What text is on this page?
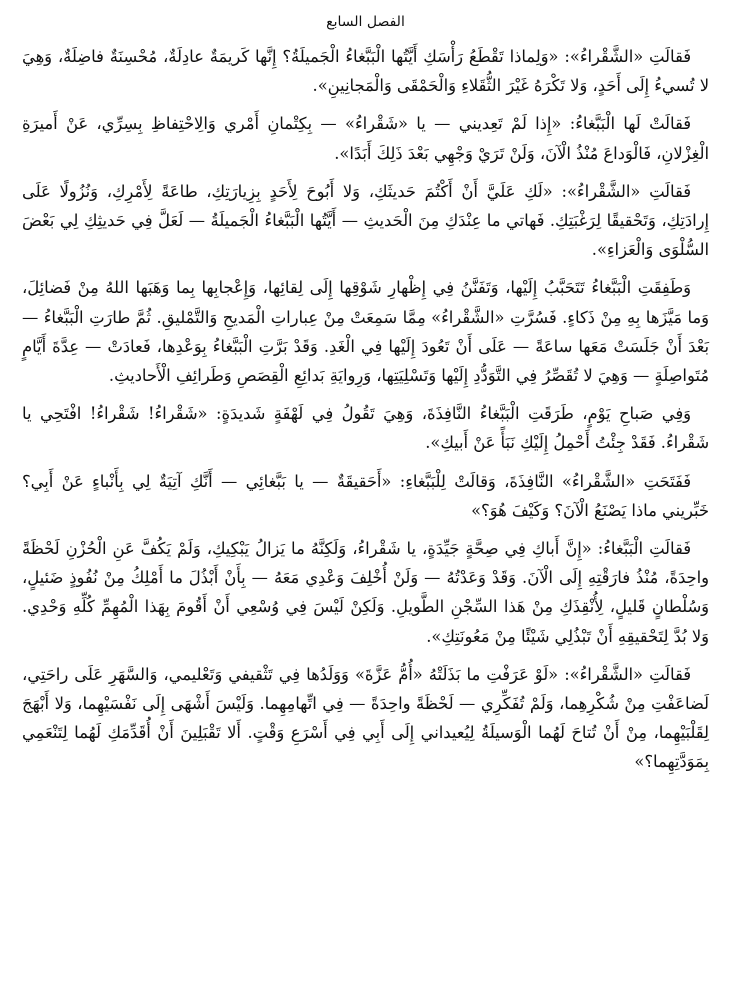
الفصل السابع

فَقالَتِ «الشَّقْراءُ»: «وَلِماذا تَقْطَعُ رَأْسَكِ أَيَّتُها الْبَبَّغاءُ الْجَميلَةُ؟ إِنَّها كَريمَةٌ عادِلَةٌ، مُحْسِنَةٌ فاضِلَةٌ، وَهِيَ لا تُسيءُ إِلَى أَحَدٍ، وَلا تَكْرَهُ غَيْرَ الثُّقَلاءِ وَالْحَمْقَى وَالْمَجانِينِ».

فَقالَتْ لَها الْبَبَّغاءُ: «إِذا لَمْ تَعِديني — يا «شَقْراءُ» — بِكِتْمانِ أَمْري وَالِاحْتِفاظِ بِسِرِّي، عَنْ أَميرَةِ الْغِزْلانِ، فَالْوَداعَ مُنْذُ الْآنَ، وَلَنْ تَرَيْ وَجْهِي بَعْدَ ذَلِكَ أَبَدًا».

فَقالَتِ «الشَّقْراءُ»: «لَكِ عَلَيَّ أَنْ أَكْتُمَ حَديثَكِ، وَلا أَبُوحَ لِأَحَدٍ بِزِيارَتِكِ، طاعَةً لِأَمْرِكِ، وَنُزُولًا عَلَى إِرادَتِكِ، وَتَحْقيقًا لِرَغْبَتِكِ. فَهاتي ما عِنْدَكِ مِنَ الْحَديثِ — أَيَّتُها الْبَبَّغاءُ الْجَميلَةُ — لَعَلَّ فِي حَديثِكِ لِي بَعْضَ السُّلْوَى وَالْعَزاءِ».

وَطَفِقَتِ الْبَبَّغاءُ تَتَحَبَّبُ إِلَيْها، وَتَفَنَّنُ فِي إِظْهارِ شَوْقِها إِلَى لِقائِها، وَإِعْجابِها بِما وَهَبَها اللهُ مِنْ فَضائِلَ، وَما مَيَّزَها بِهِ مِنْ ذَكاءٍ. فَسُرَّتِ «الشَّقْراءُ» مِمَّا سَمِعَتْ مِنْ عِباراتِ الْمَديحِ وَالتَّمْليقِ. ثُمَّ طارَتِ الْبَبَّغاءُ — بَعْدَ أَنْ جَلَسَتْ مَعَها ساعَةً — عَلَى أَنْ تَعُودَ إِلَيْها فِي الْغَدِ. وَقَدْ بَرَّتِ الْبَبَّغاءُ بِوَعْدِها، فَعادَتْ — عِدَّةَ أَيَّامٍ مُتَواصِلَةٍ — وَهِيَ لا تُقَصِّرُ فِي التَّوَدُّدِ إِلَيْها وَتَسْلِيَتِها، وَرِوايَةِ بَدائِعِ الْقِصَصِ وَطَرائِفِ الْأَحاديثِ.

وَفِي صَباحِ يَوْمٍ، طَرَقَتِ الْبَبَّغاءُ النَّافِذَةَ، وَهِيَ تَقُولُ فِي لَهْفَةٍ شَديدَةٍ: «شَقْراءُ! شَقْراءُ! افْتَحِي يا شَقْراءُ. فَقَدْ جِئْتُ أَحْمِلُ إِلَيْكِ نَبَأً عَنْ أَبيكِ».

فَفَتَحَتِ «الشَّقْراءُ» النَّافِذَةَ، وَقالَتْ لِلْبَبَّغاءِ: «أَحَقيقَةٌ — يا بَبَّغائِي — أَنَّكِ آتِيَةٌ لِي بِأَنْباءٍ عَنْ أَبِي؟ خَبِّريني ماذا يَصْنَعُ الْآنَ؟ وَكَيْفَ هُوَ؟»

فَقالَتِ الْبَبَّغاءُ: «إِنَّ أَباكِ فِي صِحَّةٍ جَيِّدَةٍ، يا شَقْراءُ، وَلَكِنَّهُ ما يَزالُ يَبْكِيكِ، وَلَمْ يَكُفَّ عَنِ الْحُزْنِ لَحْظَةً واحِدَةً، مُنْذُ فارَقْتِهِ إِلَى الْآنَ. وَقَدْ وَعَدْتُهُ — وَلَنْ أُخْلِفَ وَعْدِي مَعَهُ — بِأَنْ أَبْذُلَ ما أَمْلِكُ مِنْ نُفُوذٍ ضَئيلٍ، وَسُلْطانٍ قَليلٍ، لِأُنْقِذَكِ مِنْ هَذا السِّجْنِ الطَّويلِ. وَلَكِنْ لَيْسَ فِي وُسْعِي أَنْ أَقُومَ بِهَذا الْمُهِمِّ كُلِّهِ وَحْدِي. وَلا بُدَّ لِتَحْقيقِهِ أَنْ تَبْذُلِي شَيْئًا مِنْ مَعُونَتِكِ».

فَقالَتِ «الشَّقْراءُ»: «لَوْ عَرَفْتِ ما بَذَلَتْهُ «أُمُّ عَزَّةَ» وَوَلَدُها فِي تَثْقيفي وَتَعْليمي، وَالسَّهَرِ عَلَى راحَتِي، لَضاعَفْتِ مِنْ شُكْرِهِما، وَلَمْ تُفَكِّرِي — لَحْظَةً واحِدَةً — فِي اتِّهامِهِما. وَلَيْسَ أَشْهَى إِلَى نَفْسَيْهِما، وَلا أَبْهَجَ لِقَلْبَيْهِما، مِنْ أَنْ تُتاحَ لَهُما الْوَسيلَةُ لِيُعيداني إِلَى أَبِي فِي أَسْرَعِ وَقْتٍ. أَلا تَقْبَلِينَ أَنْ أُقَدِّمَكِ لَهُما لِتَنْعَمِي بِمَوَدَّتِهِما؟»
